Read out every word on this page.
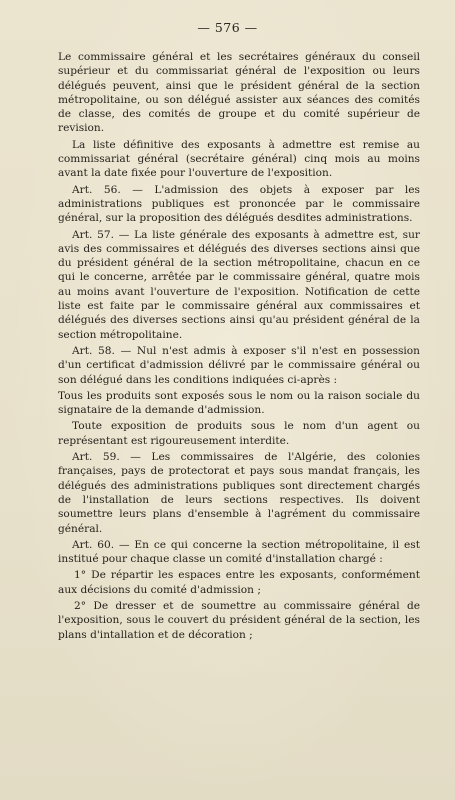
— 576 —

Le commissaire général et les secrétaires généraux du conseil supérieur et du commissariat général de l'exposition ou leurs délégués peuvent, ainsi que le président général de la section métropolitaine, ou son délégué assister aux séances des comités de classe, des comités de groupe et du comité supérieur de revision.

La liste définitive des exposants à admettre est remise au commissariat général (secrétaire général) cinq mois au moins avant la date fixée pour l'ouverture de l'exposition.

Art. 56. — L'admission des objets à exposer par les administrations publiques est prononcée par le commissaire général, sur la proposition des délégués desdites administrations.

Art. 57. — La liste générale des exposants à admettre est, sur avis des commissaires et délégués des diverses sections ainsi que du président général de la section métropolitaine, chacun en ce qui le concerne, arrêtée par le commissaire général, quatre mois au moins avant l'ouverture de l'exposition. Notification de cette liste est faite par le commissaire général aux commissaires et délégués des diverses sections ainsi qu'au président général de la section métropolitaine.

Art. 58. — Nul n'est admis à exposer s'il n'est en possession d'un certificat d'admission délivré par le commissaire général ou son délégué dans les conditions indiquées ci-après :

Tous les produits sont exposés sous le nom ou la raison sociale du signataire de la demande d'admission.

Toute exposition de produits sous le nom d'un agent ou représentant est rigoureusement interdite.

Art. 59. — Les commissaires de l'Algérie, des colonies françaises, pays de protectorat et pays sous mandat français, les délégués des administrations publiques sont directement chargés de l'installation de leurs sections respectives. Ils doivent soumettre leurs plans d'ensemble à l'agrément du commissaire général.

Art. 60. — En ce qui concerne la section métropolitaine, il est institué pour chaque classe un comité d'installation chargé :

1° De répartir les espaces entre les exposants, conformément aux décisions du comité d'admission ;

2° De dresser et de soumettre au commissaire général de l'exposition, sous le couvert du président général de la section, les plans d'intallation et de décoration ;
